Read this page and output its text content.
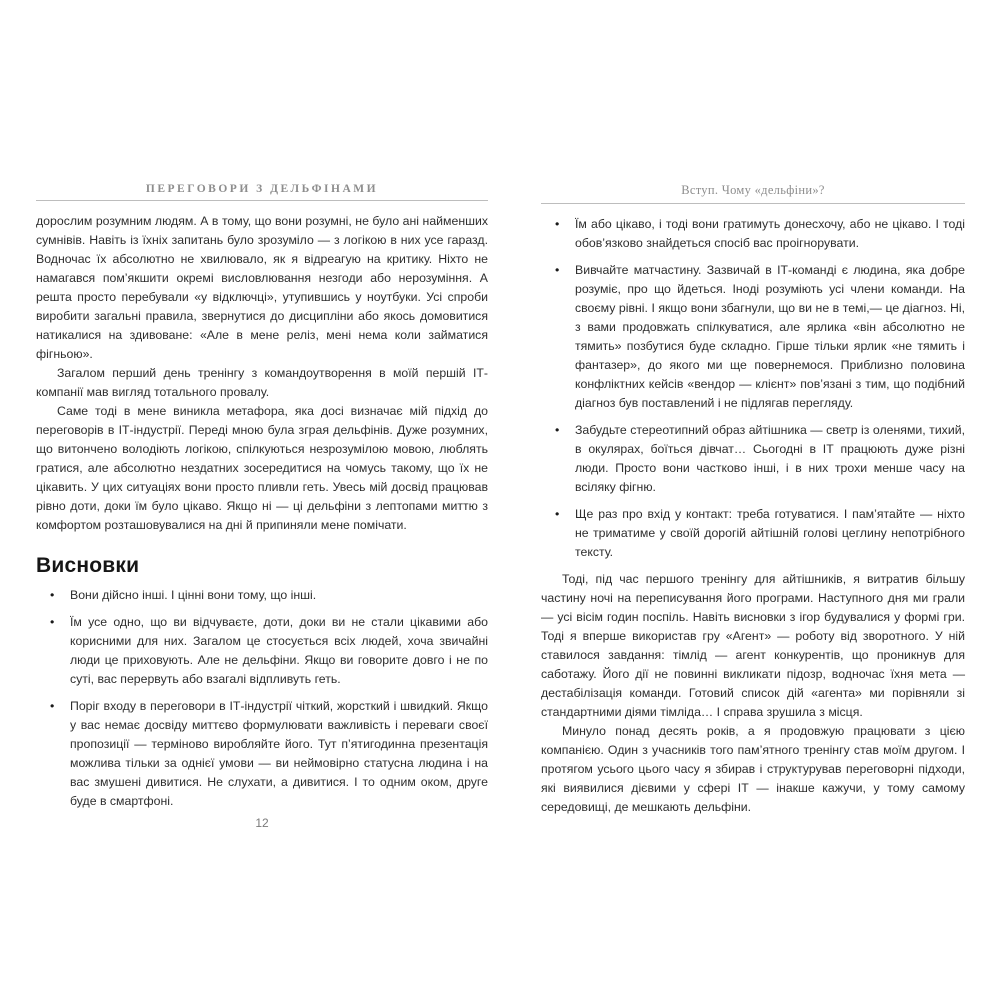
ПЕРЕГОВОРИ З ДЕЛЬФІНАМИ

дорослим розумним людям. А в тому, що вони розумні, не було ані найменших сумнівів. Навіть із їхніх запитань було зрозуміло — з логікою в них усе гаразд. Водночас їх абсолютно не хвилювало, як я відреагую на критику. Ніхто не намагався пом’якшити окремі висловлювання незгоди або нерозуміння. А решта просто перебували «у відключці», утупившись у ноутбуки. Усі спроби виробити загальні правила, звернутися до дисципліни або якось домовитися натикалися на здивоване: «Але в мене реліз, мені нема коли займатися фігньою».

Загалом перший день тренінгу з командоутворення в моїй першій ІТ-компанії мав вигляд тотального провалу.

Саме тоді в мене виникла метафора, яка досі визначає мій підхід до переговорів в ІТ-індустрії. Переді мною була зграя дельфінів. Дуже розумних, що витончено володіють логікою, спілкуються незрозумілою мовою, люблять гратися, але абсолютно нездатних зосередитися на чомусь такому, що їх не цікавить. У цих ситуаціях вони просто пливли геть. Увесь мій досвід працював рівно доти, доки їм було цікаво. Якщо ні — ці дельфіни з лептопами миттю з комфортом розташовувалися на дні й припиняли мене помічати.

Висновки
• Вони дійсно інші. І цінні вони тому, що інші.
• Їм усе одно, що ви відчуваєте, доти, доки ви не стали цікавими або корисними для них. Загалом це стосується всіх людей, хоча звичайні люди це приховують. Але не дельфіни. Якщо ви говорите довго і не по суті, вас перервуть або взагалі відпливуть геть.
• Поріг входу в переговори в ІТ-індустрії чіткий, жорсткий і швидкий. Якщо у вас немає досвіду миттєво формулювати важливість і переваги своєї пропозиції — терміново виробляйте його. Тут п’ятигодинна презентація можлива тільки за однієї умови — ви неймовірно статусна людина і на вас змушені дивитися. Не слухати, а дивитися. І то одним оком, друге буде в смартфоні.
12
Вступ. Чому «дельфіни»?
• Їм або цікаво, і тоді вони гратимуть донесхочу, або не цікаво. І тоді обов’язково знайдеться спосіб вас проігнорувати.
• Вивчайте матчастину. Зазвичай в ІТ-команді є людина, яка добре розуміє, про що йдеться. Іноді розуміють усі члени команди. На своєму рівні. І якщо вони збагнули, що ви не в темі,— це діагноз. Ні, з вами продовжать спілкуватися, але ярлика «він абсолютно не тямить» позбутися буде складно. Гірше тільки ярлик «не тямить і фантазер», до якого ми ще повернемося. Приблизно половина конфліктних кейсів «вендор — клієнт» пов’язані з тим, що подібний діагноз був поставлений і не підлягав перегляду.
• Забудьте стереотипний образ айтішника — светр із оленями, тихий, в окулярах, боїться дівчат… Сьогодні в ІТ працюють дуже різні люди. Просто вони частково інші, і в них трохи менше часу на всіляку фігню.
• Ще раз про вхід у контакт: треба готуватися. І пам’ятайте — ніхто не триматиме у своїй дорогій айтішній голові цеглину непотрібного тексту.

Тоді, під час першого тренінгу для айтішників, я витратив більшу частину ночі на переписування його програми. Наступного дня ми грали — усі вісім годин поспіль. Навіть висновки з ігор будувалися у формі гри. Тоді я вперше використав гру «Агент» — роботу від зворотного. У ній ставилося завдання: тімлід — агент конкурентів, що проникнув для саботажу. Його дії не повинні викликати підозр, водночас їхня мета — дестабілізація команди. Готовий список дій «агента» ми порівняли зі стандартними діями тімліда… І справа зрушила з місця.

Минуло понад десять років, а я продовжую працювати з цією компанією. Один з учасників того пам’ятного тренінгу став моїм другом. І протягом усього цього часу я збирав і структурував переговорні підходи, які виявилися дієвими у сфері ІТ — інакше кажучи, у тому самому середовищі, де мешкають дельфіни.
